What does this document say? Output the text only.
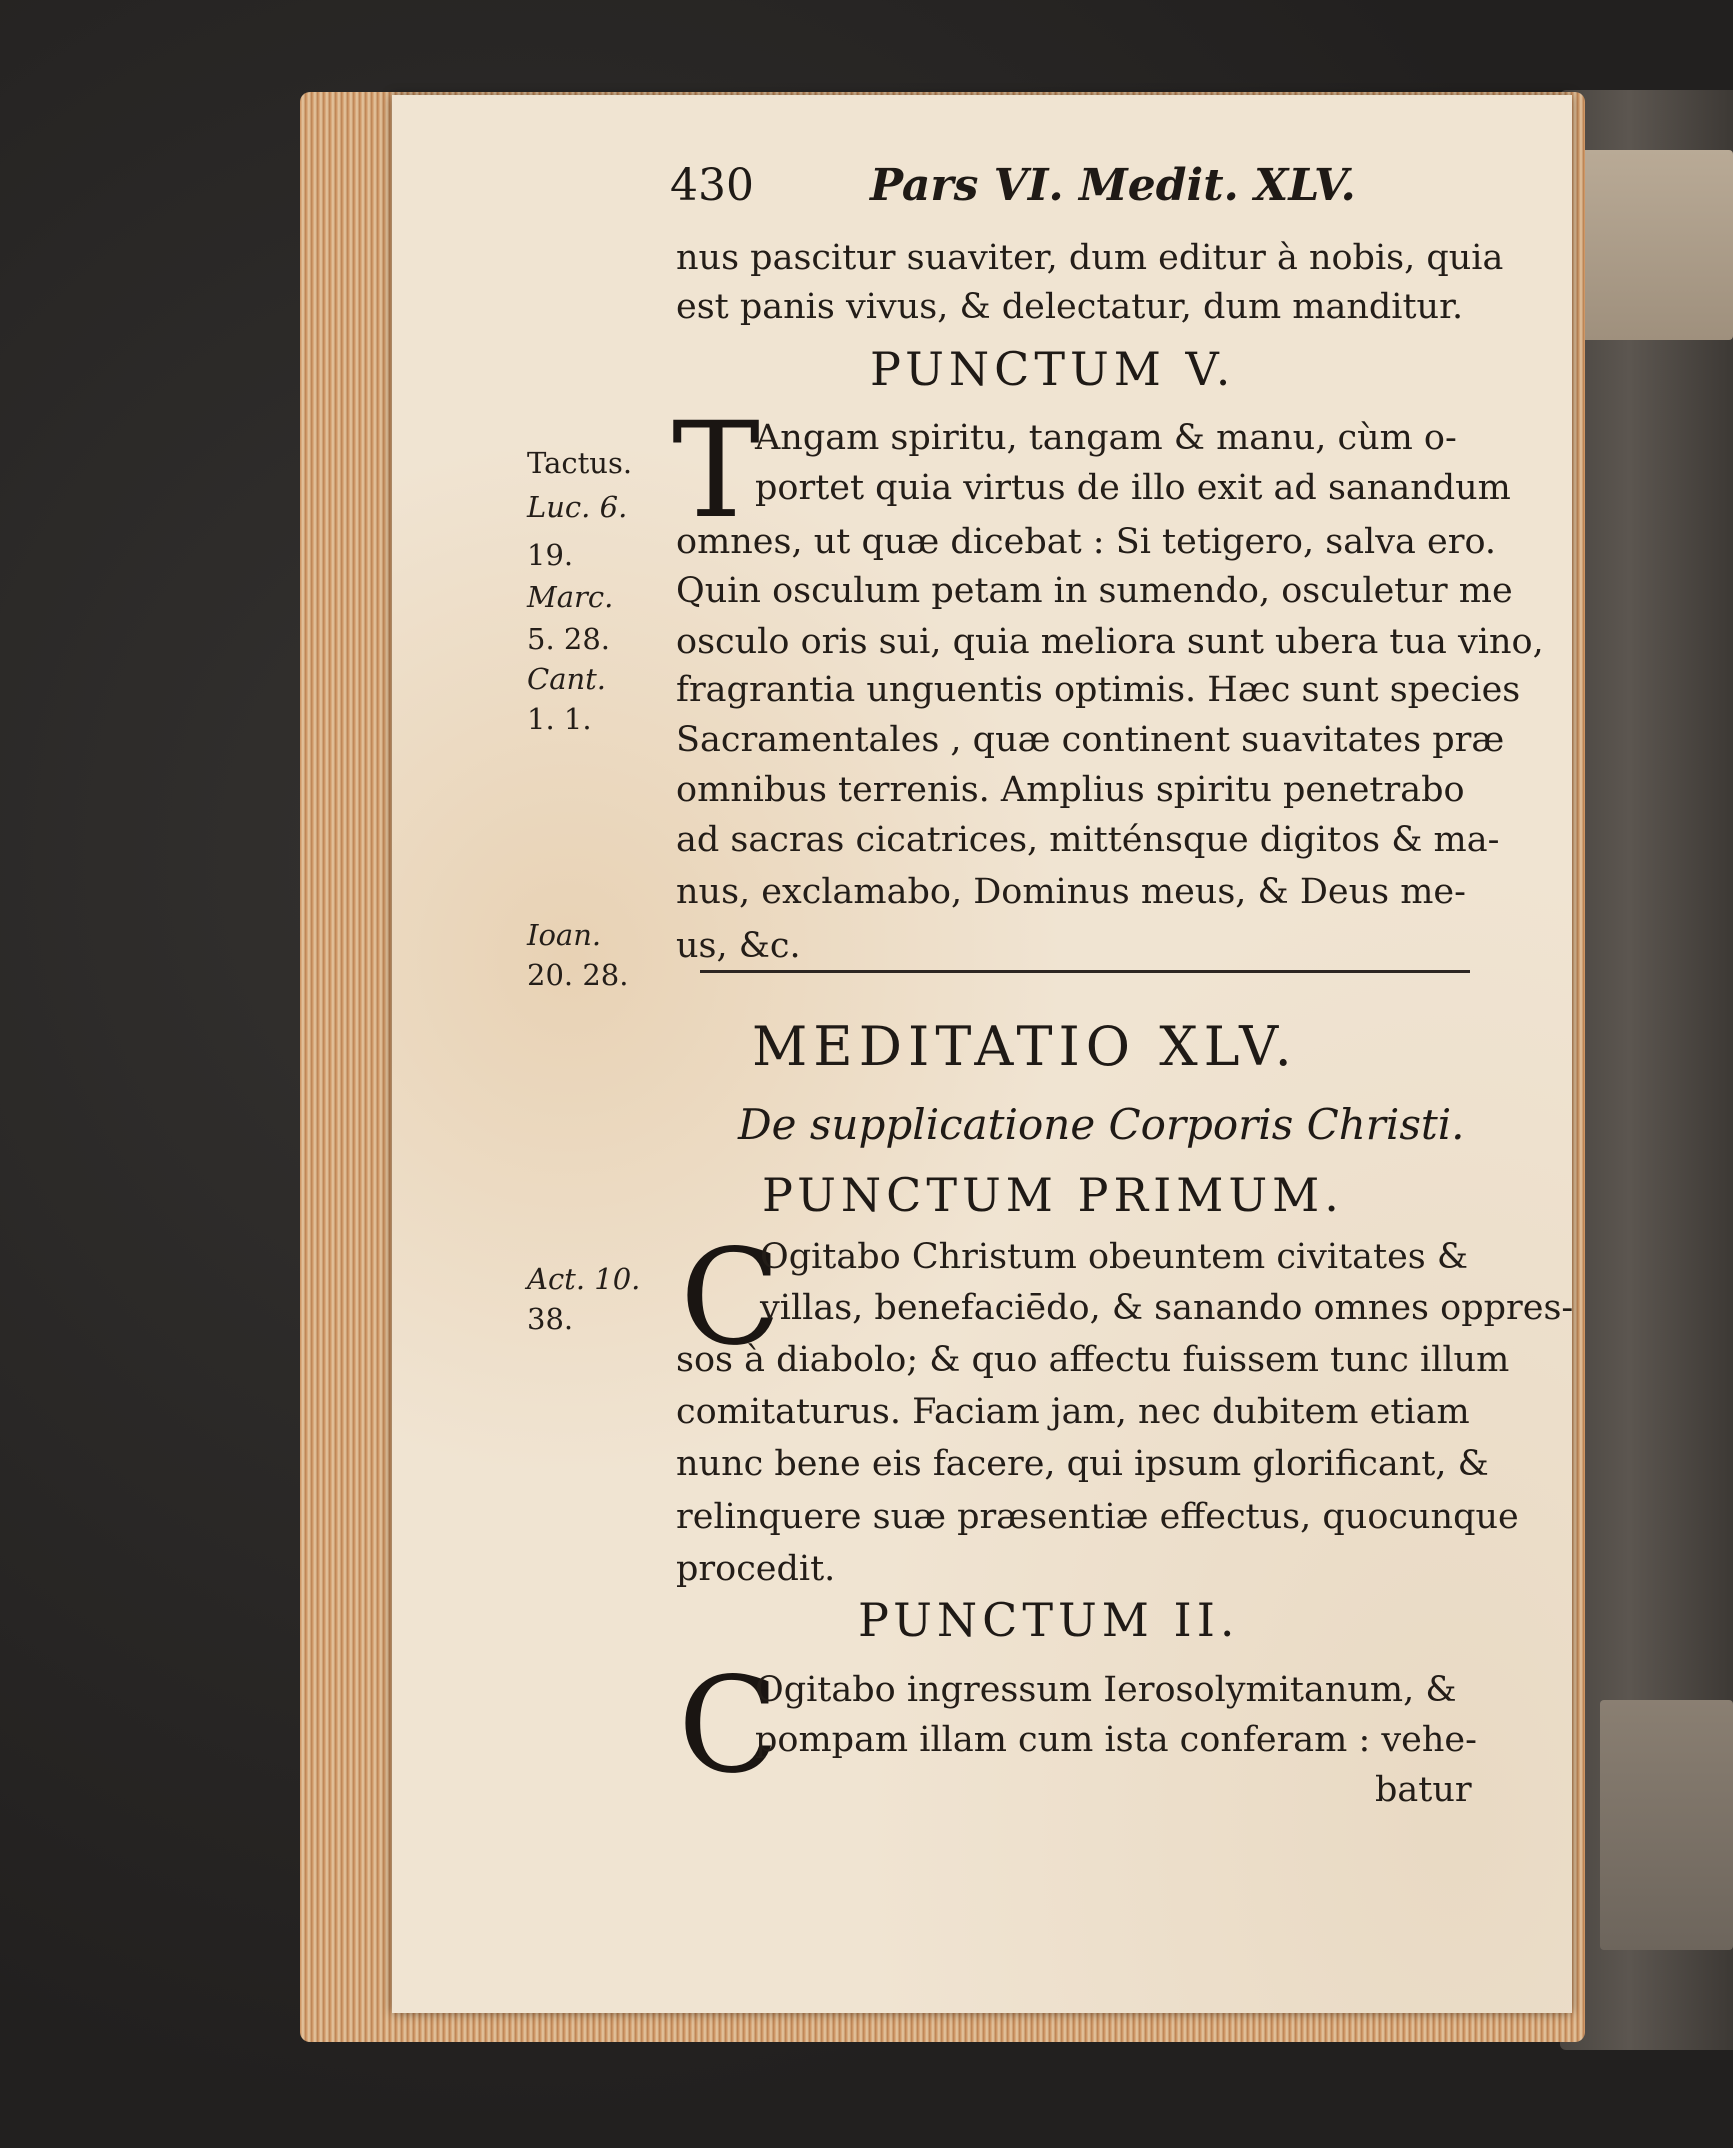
430	Pars VI. Medit. XLV.
nus pascitur suaviter, dum editur à nobis, quia
est panis vivus, & delectatur, dum manditur.
PUNCTUM V.
T
Angam spiritu, tangam & manu, cùm o-
portet quia virtus de illo exit ad sanandum
omnes, ut quæ dicebat : Si tetigero, salva ero.
Quin osculum petam in sumendo, osculetur me
osculo oris sui, quia meliora sunt ubera tua vino,
fragrantia unguentis optimis. Hæc sunt species
Sacramentales , quæ continent suavitates præ
omnibus terrenis. Amplius spiritu penetrabo
ad sacras cicatrices, mitténsque digitos & ma-
nus, exclamabo, Dominus meus, & Deus me-
us, &c.
Tactus.
Luc. 6.
19.
Marc.
5. 28.
Cant.
1. 1.
Ioan.
20. 28.
MEDITATIO XLV.
De supplicatione Corporis Christi.
PUNCTUM PRIMUM.
C
Ogitabo Christum obeuntem civitates &
villas, benefaciēdo, & sanando omnes oppres-
sos à diabolo; & quo affectu fuissem tunc illum
comitaturus. Faciam jam, nec dubitem etiam
nunc bene eis facere, qui ipsum glorificant, &
relinquere suæ præsentiæ effectus, quocunque
procedit.
Act. 10.
38.
PUNCTUM II.
C
Ogitabo ingressum Ierosolymitanum, &
pompam illam cum ista conferam : vehe-
batur
